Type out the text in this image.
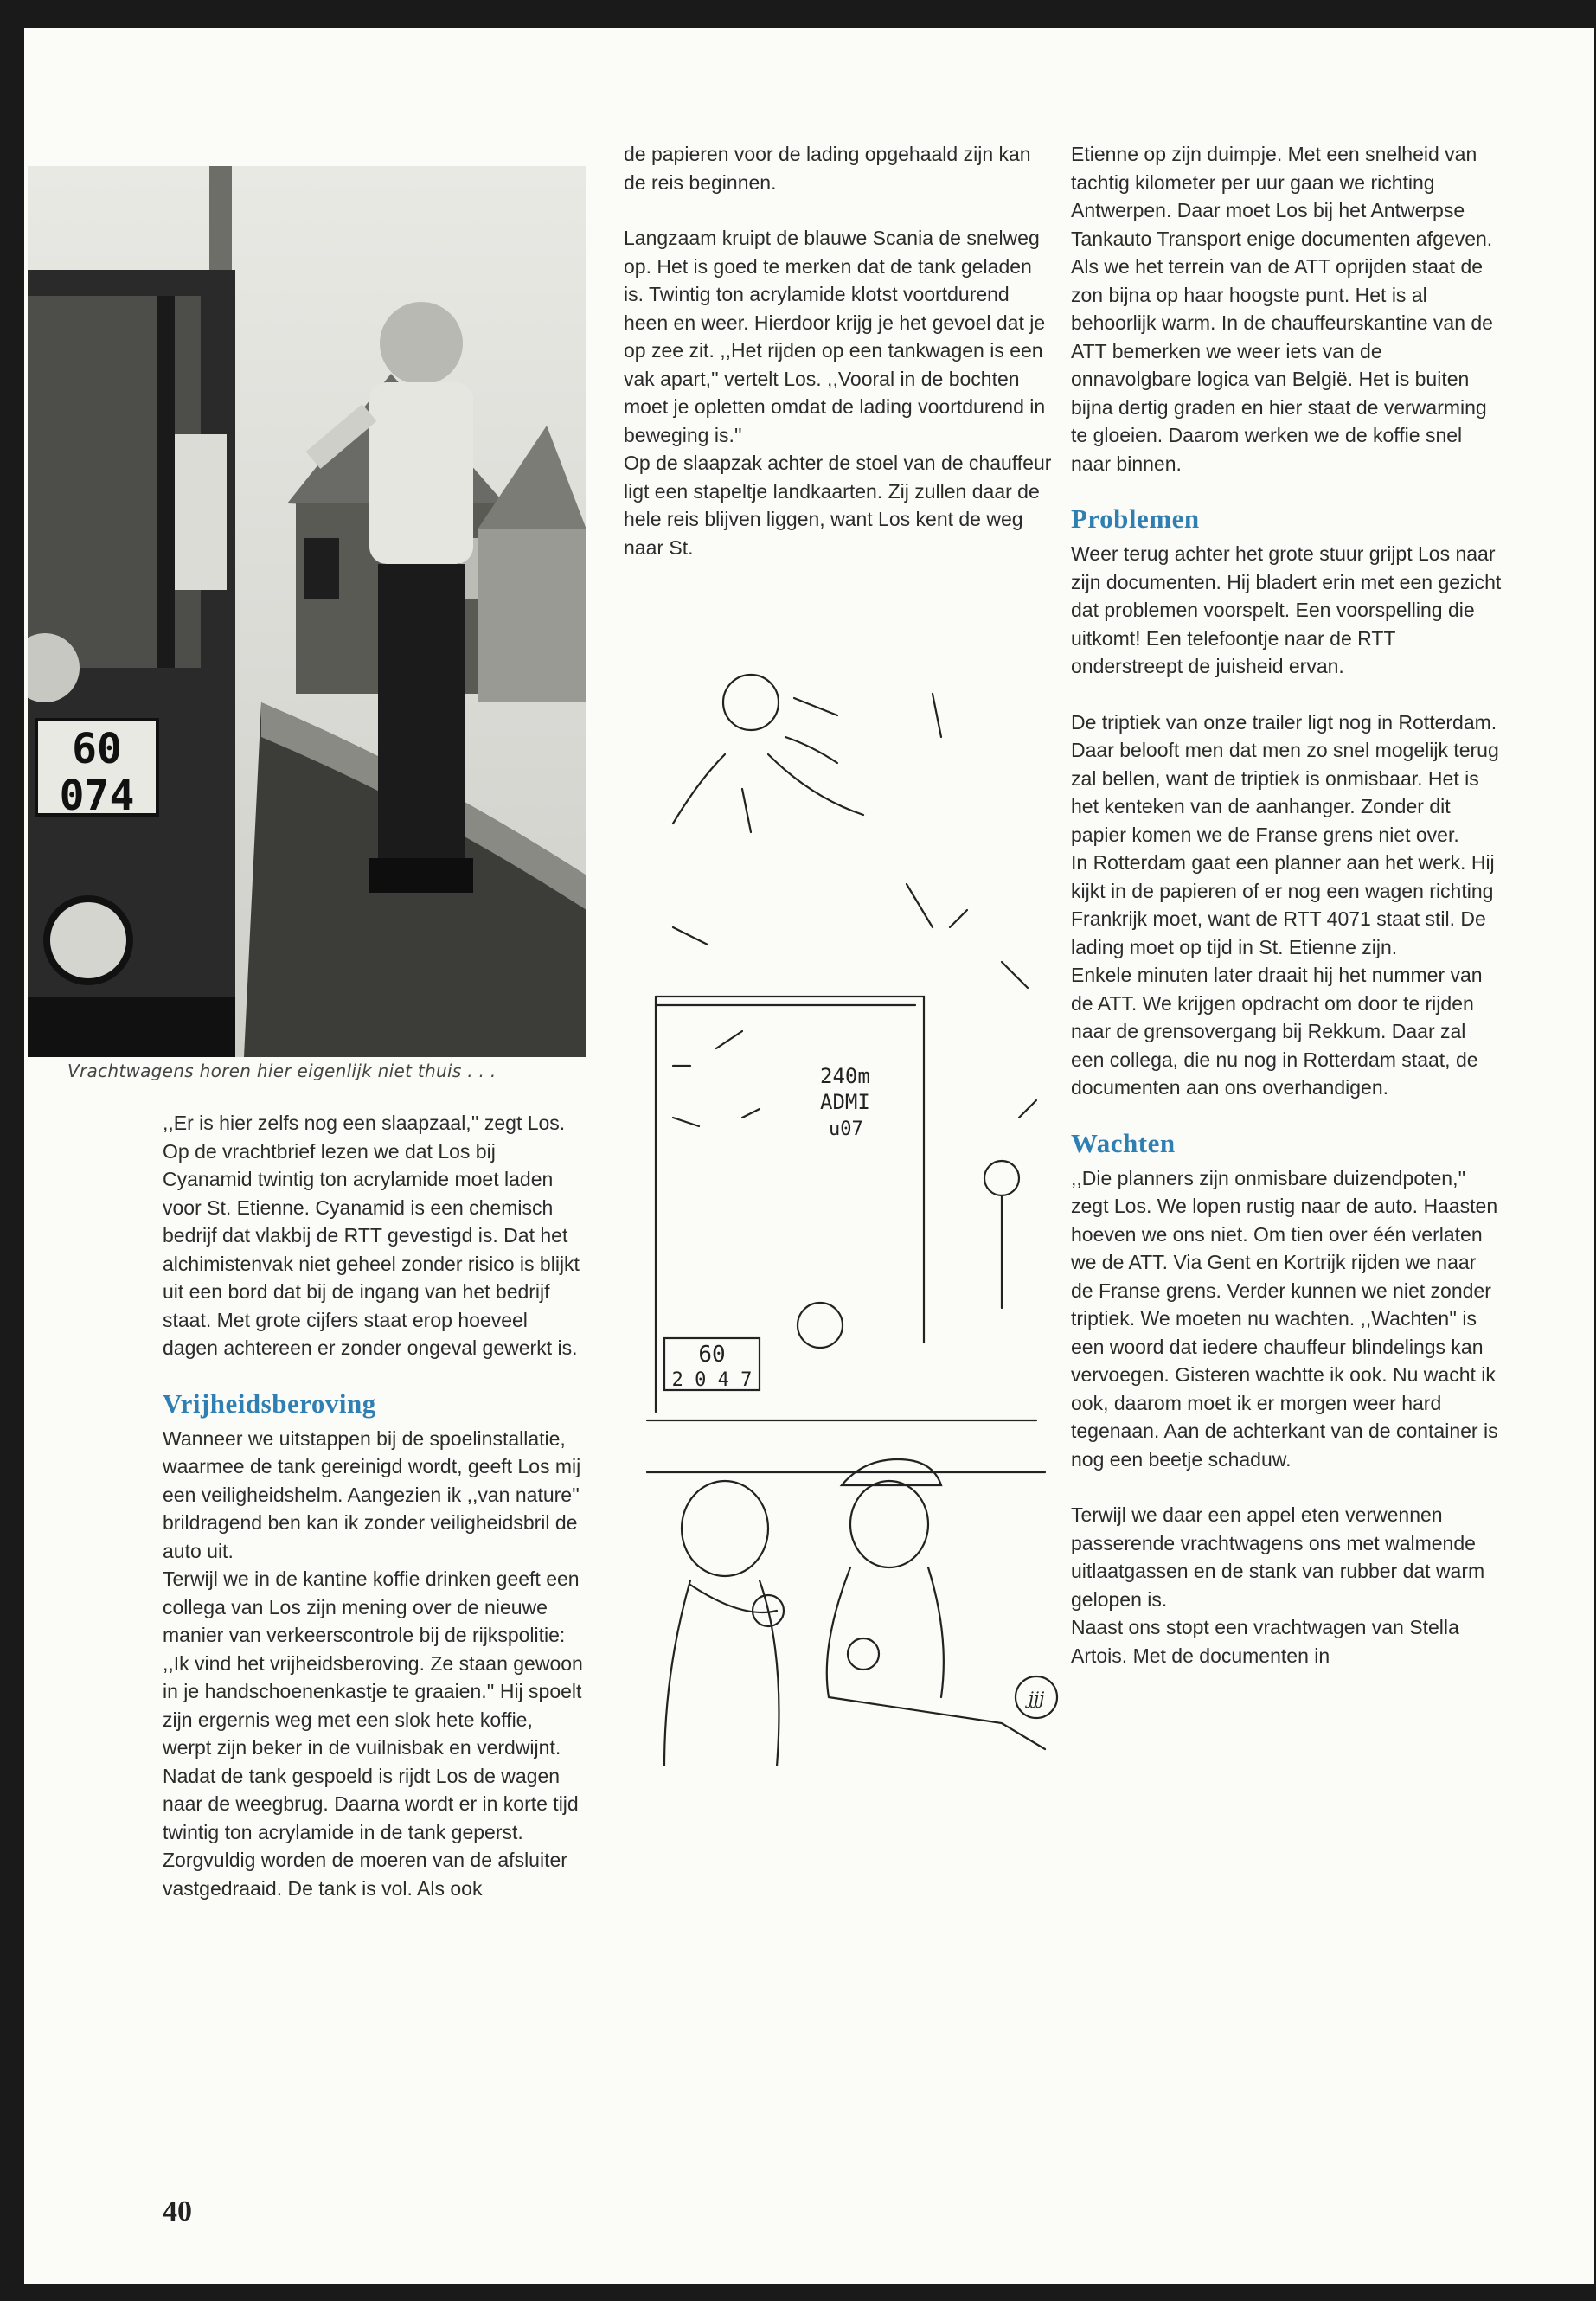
60
074
Vrachtwagens horen hier eigenlijk niet thuis . . .

,,Er is hier zelfs nog een slaapzaal,'' zegt Los.

Op de vrachtbrief lezen we dat Los bij Cyanamid twintig ton acrylamide moet laden voor St. Etienne. Cyanamid is een chemisch bedrijf dat vlakbij de RTT gevestigd is. Dat het alchimistenvak niet geheel zonder risico is blijkt uit een bord dat bij de ingang van het bedrijf staat. Met grote cijfers staat erop hoeveel dagen achtereen er zonder ongeval gewerkt is.

Vrijheidsberoving

Wanneer we uitstappen bij de spoelinstallatie, waarmee de tank gereinigd wordt, geeft Los mij een veiligheidshelm. Aangezien ik ,,van nature'' brildragend ben kan ik zonder veiligheidsbril de auto uit.

Terwijl we in de kantine koffie drinken geeft een collega van Los zijn mening over de nieuwe manier van verkeerscontrole bij de rijkspolitie: ,,Ik vind het vrijheidsberoving. Ze staan gewoon in je handschoenenkastje te graaien.'' Hij spoelt zijn ergernis weg met een slok hete koffie, werpt zijn beker in de vuilnisbak en verdwijnt.

Nadat de tank gespoeld is rijdt Los de wagen naar de weegbrug. Daarna wordt er in korte tijd twintig ton acrylamide in de tank geperst. Zorgvuldig worden de moeren van de afsluiter vastgedraaid. De tank is vol. Als ook

de papieren voor de lading opgehaald zijn kan de reis beginnen.

Langzaam kruipt de blauwe Scania de snelweg op. Het is goed te merken dat de tank geladen is. Twintig ton acrylamide klotst voortdurend heen en weer. Hierdoor krijg je het gevoel dat je op zee zit. ,,Het rijden op een tankwagen is een vak apart,'' vertelt Los. ,,Vooral in de bochten moet je opletten omdat de lading voortdurend in beweging is.''

Op de slaapzak achter de stoel van de chauffeur ligt een stapeltje landkaarten. Zij zullen daar de hele reis blijven liggen, want Los kent de weg naar St.

240m
ADMI
u07
60
2 0 4 7
jjj

Etienne op zijn duimpje. Met een snelheid van tachtig kilometer per uur gaan we richting Antwerpen. Daar moet Los bij het Antwerpse Tankauto Transport enige documenten afgeven.

Als we het terrein van de ATT oprijden staat de zon bijna op haar hoogste punt. Het is al behoorlijk warm. In de chauffeurskantine van de ATT bemerken we weer iets van de onnavolgbare logica van België. Het is buiten bijna dertig graden en hier staat de verwarming te gloeien. Daarom werken we de koffie snel naar binnen.

Problemen

Weer terug achter het grote stuur grijpt Los naar zijn documenten. Hij bladert erin met een gezicht dat problemen voorspelt. Een voorspelling die uitkomt! Een telefoontje naar de RTT onderstreept de juisheid ervan.

De triptiek van onze trailer ligt nog in Rotterdam. Daar belooft men dat men zo snel mogelijk terug zal bellen, want de triptiek is onmisbaar. Het is het kenteken van de aanhanger. Zonder dit papier komen we de Franse grens niet over.

In Rotterdam gaat een planner aan het werk. Hij kijkt in de papieren of er nog een wagen richting Frankrijk moet, want de RTT 4071 staat stil. De lading moet op tijd in St. Etienne zijn.

Enkele minuten later draait hij het nummer van de ATT. We krijgen opdracht om door te rijden naar de grensovergang bij Rekkum. Daar zal een collega, die nu nog in Rotterdam staat, de documenten aan ons overhandigen.

Wachten

,,Die planners zijn onmisbare duizendpoten,'' zegt Los. We lopen rustig naar de auto. Haasten hoeven we ons niet. Om tien over één verlaten we de ATT. Via Gent en Kortrijk rijden we naar de Franse grens. Verder kunnen we niet zonder triptiek. We moeten nu wachten. ,,Wachten'' is een woord dat iedere chauffeur blindelings kan vervoegen. Gisteren wachtte ik ook. Nu wacht ik ook, daarom moet ik er morgen weer hard tegenaan. Aan de achterkant van de container is nog een beetje schaduw.

Terwijl we daar een appel eten verwennen passerende vrachtwagens ons met walmende uitlaatgassen en de stank van rubber dat warm gelopen is.

Naast ons stopt een vrachtwagen van Stella Artois. Met de documenten in

40
